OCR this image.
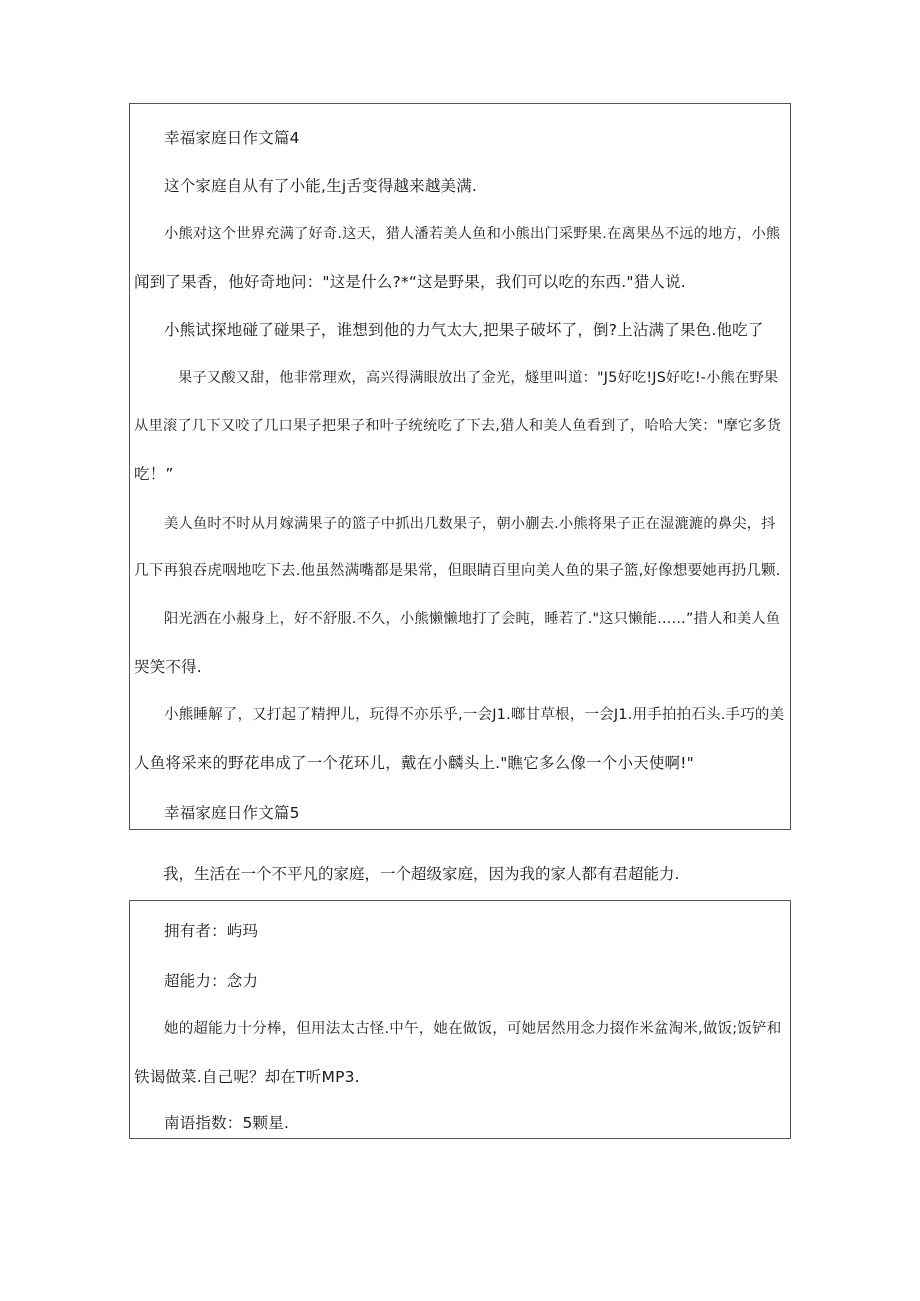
幸福家庭日作文篇4

这个家庭自从有了小能,生j舌变得越来越美满.

小熊对这个世界充满了好奇.这天，猎人潘若美人鱼和小熊出门采野果.在离果丛不远的地方，小熊

闻到了果香，他好奇地问："这是什么?*“这是野果，我们可以吃的东西."猎人说.

小熊试探地碰了碰果子，谁想到他的力气太大,把果子破坏了，倒?上沾满了果色.他吃了

果子又酸又甜，他非常理欢，高兴得满眼放出了金光，燧里叫道："J5好吃!JS好吃!-小熊在野果

从里滚了几下又咬了几口果子把果子和叶子统统吃了下去,猎人和美人鱼看到了，哈哈大笑："摩它多货

吃！”

美人鱼时不时从月嫁满果子的篮子中抓出几数果子，朝小蒯去.小熊将果子正在湿漉漉的鼻尖，抖

几下再狼吞虎咽地吃下去.他虽然满嘴都是果常，但眼睛百里向美人鱼的果子篮,好像想要她再扔几颗.

阳光洒在小赧身上，好不舒服.不久，小熊懒懒地打了会盹，睡若了."这只懒能……”措人和美人鱼

哭笑不得.

小熊睡解了，又打起了精押儿，玩得不亦乐乎,一会J1.啷甘草根，一会J1.用手拍拍石头.手巧的美

人鱼将采来的野花串成了一个花环儿，戴在小麟头上."瞧它多么像一个小天使啊!"

幸福家庭日作文篇5

我，生活在一个不平凡的家庭，一个超级家庭，因为我的家人都有君超能力.

拥有者：屿玛

超能力：念力

她的超能力十分棒，但用法太古怪.中午，她在做饭，可她居然用念力掇作米盆淘米,做饭;饭铲和

铁谒做菜.自己呢？却在T听MP3.

南语指数：5颗星.
